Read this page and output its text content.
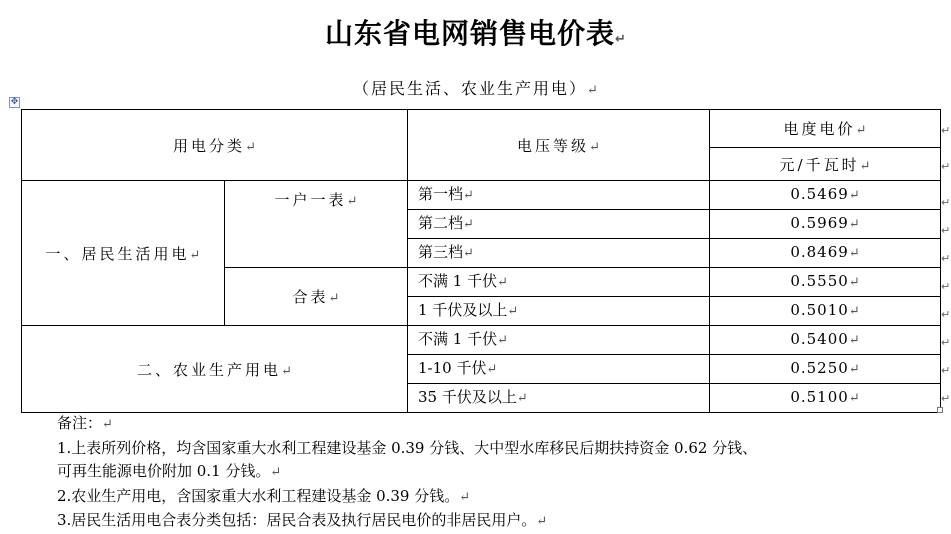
山东省电网销售电价表↵
（居民生活、农业生产用电）↵
✥
用电分类↵		电压等级↵	电度电价↵
			元/千瓦时↵
一、居民生活用电↵	一户一表↵	第一档↵	0.5469↵
		第二档↵	0.5969↵
		第三档↵	0.8469↵
	合表↵	不满 1 千伏↵	0.5550↵
		1 千伏及以上↵	0.5010↵
二、农业生产用电↵		不满 1 千伏↵	0.5400↵
		1-10 千伏↵	0.5250↵
		35 千伏及以上↵	0.5100↵
↵
↵
↵
↵
↵
↵
↵
↵
↵
↵
备注：↵
1.上表所列价格，均含国家重大水利工程建设基金 0.39 分钱、大中型水库移民后期扶持资金 0.62 分钱、
可再生能源电价附加 0.1 分钱。↵
2.农业生产用电，含国家重大水利工程建设基金 0.39 分钱。↵
3.居民生活用电合表分类包括：居民合表及执行居民电价的非居民用户。↵
